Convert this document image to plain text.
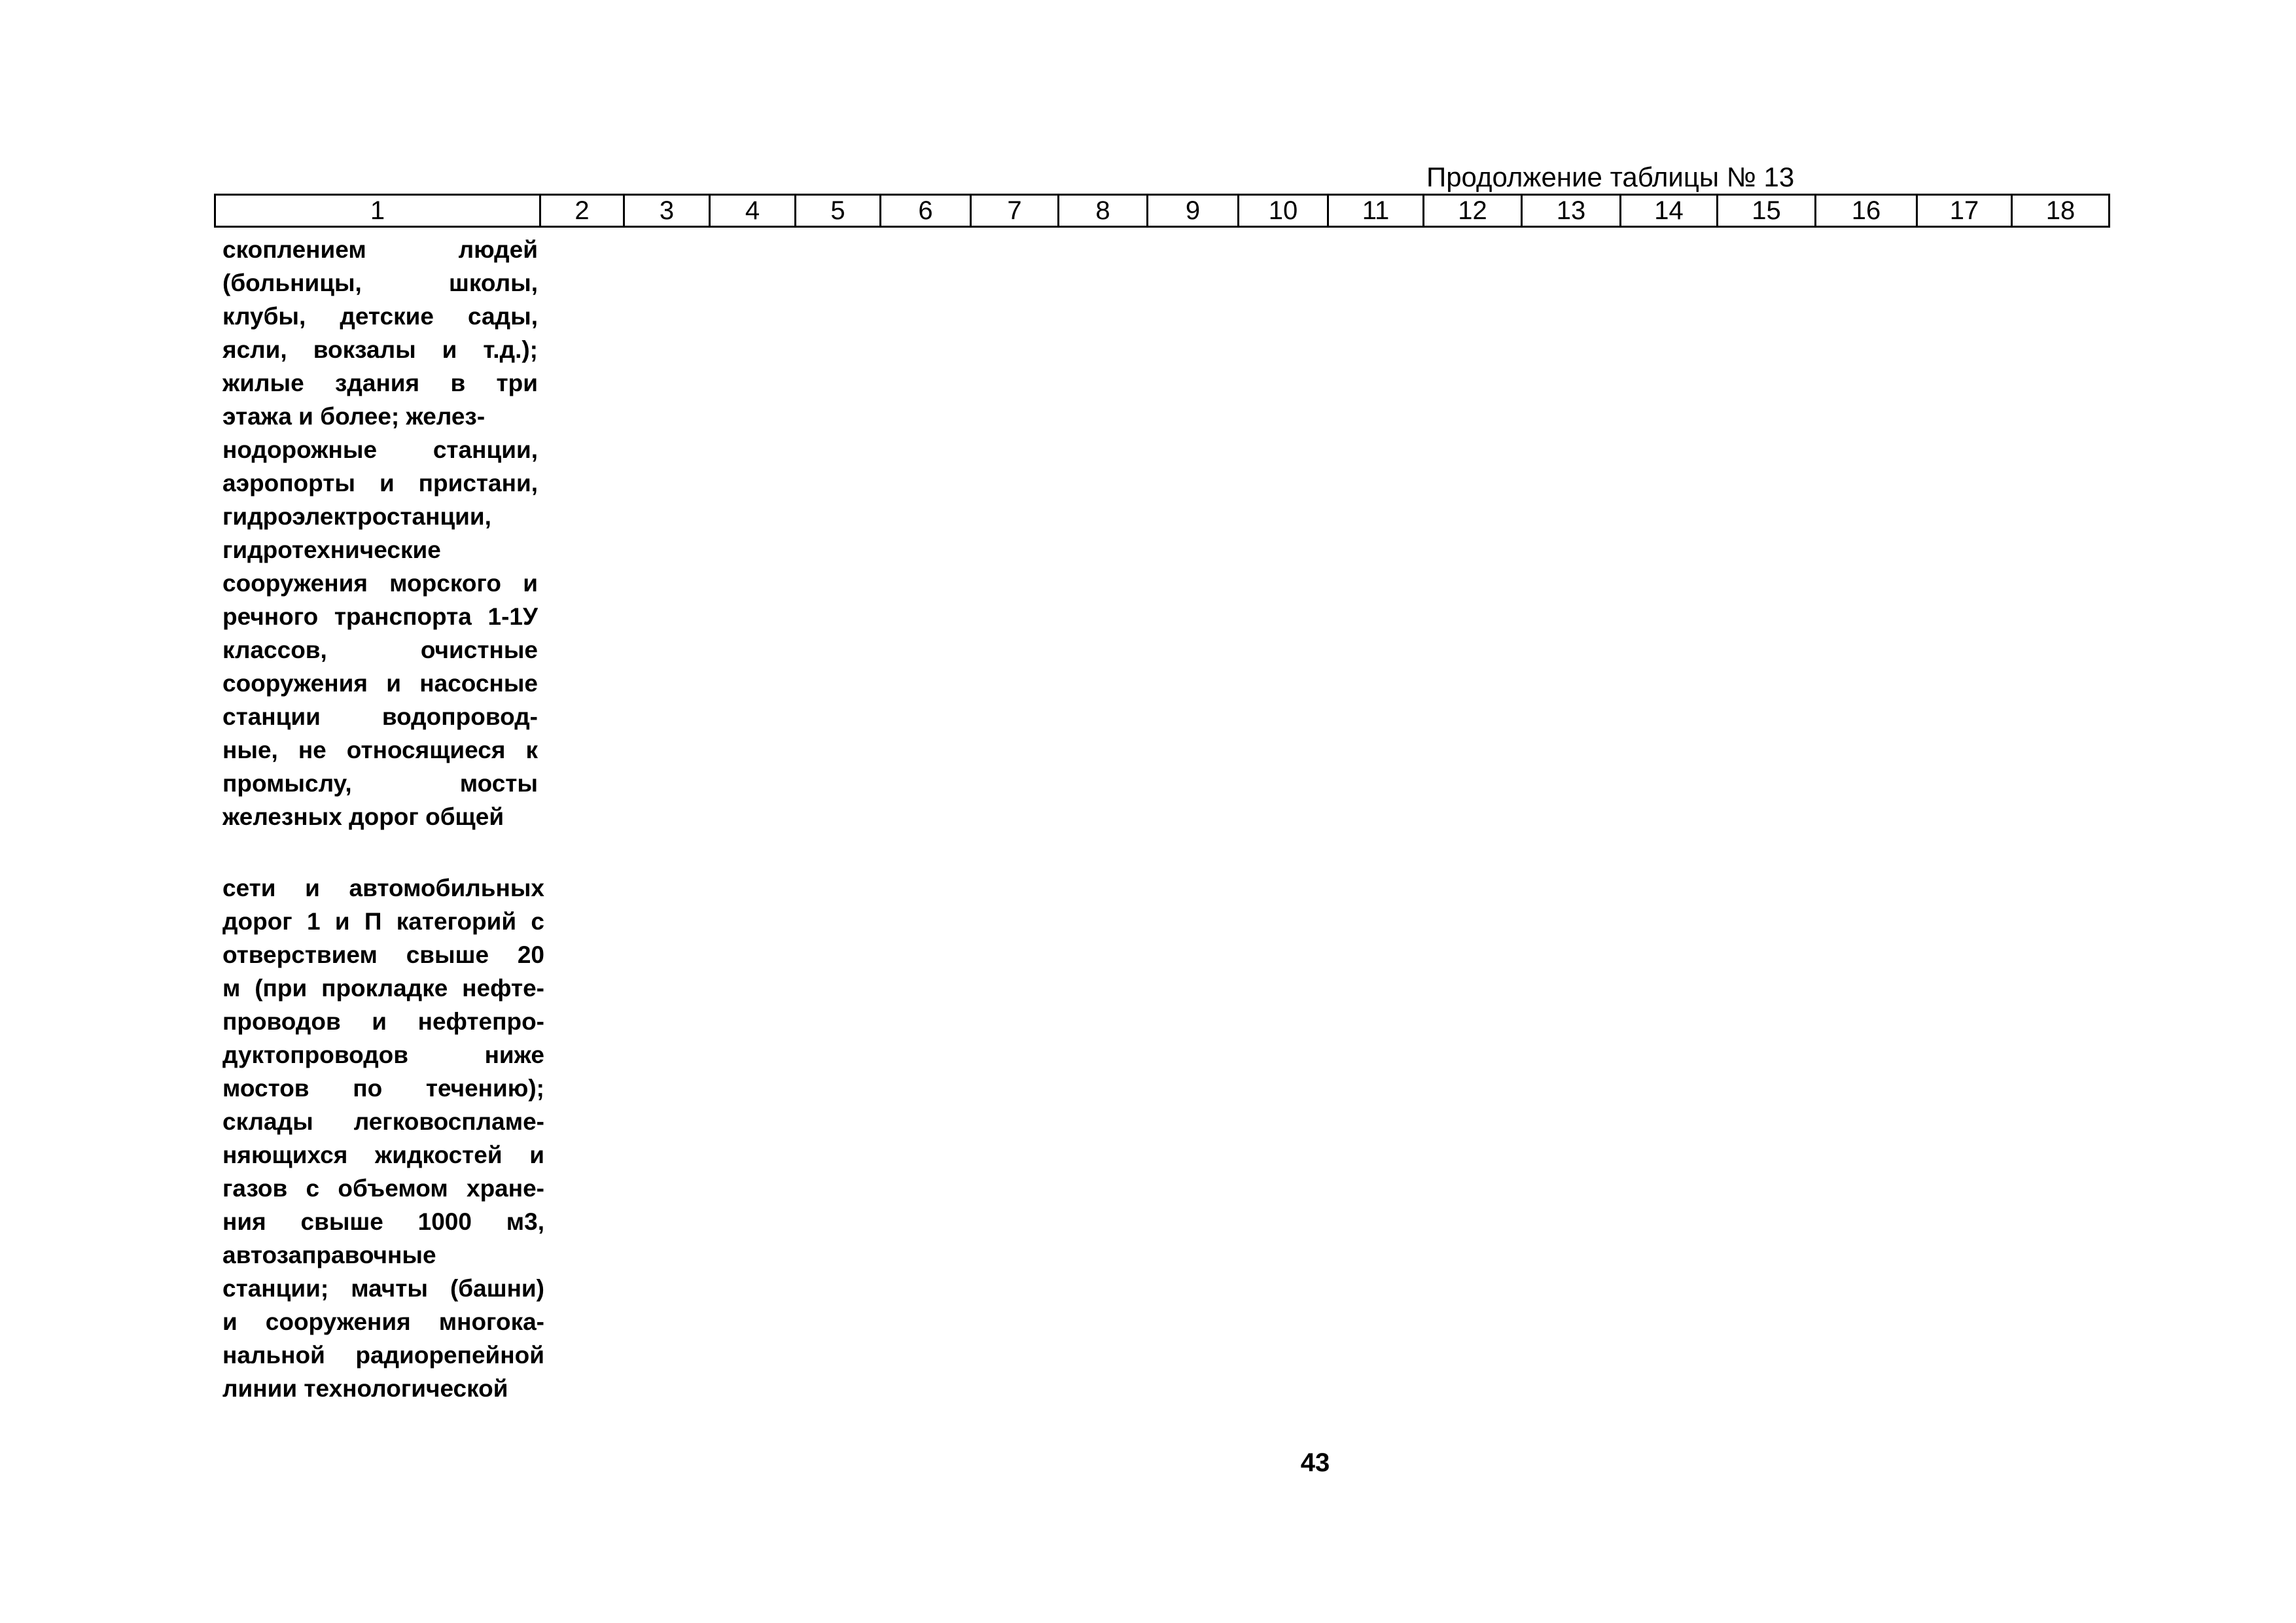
Продолжение таблицы № 13
1	2	3	4	5	6	7	8	9	10	11	12	13	14	15	16	17	18
скоплением людей
(больницы, школы,
клубы, детские сады,
ясли, вокзалы и т.д.);
жилые здания в три
этажа и более; желез-
нодорожные станции,
аэропорты и пристани,
гидроэлектростанции,
гидротехнические
сооружения морского и
речного транспорта 1-1У
классов, очистные
сооружения и насосные
станции водопровод-
ные, не относящиеся к
промыслу, мосты
железных дорог общей
сети и автомобильных
дорог 1 и П категорий с
отверствием свыше 20
м (при прокладке нефте-
проводов и нефтепро-
дуктопроводов ниже
мостов по течению);
склады легковоспламе-
няющихся жидкостей и
газов с объемом хране-
ния свыше 1000 м3,
автозаправочные
станции; мачты (башни)
и сооружения многока-
нальной радиорепейной
линии технологической
43
